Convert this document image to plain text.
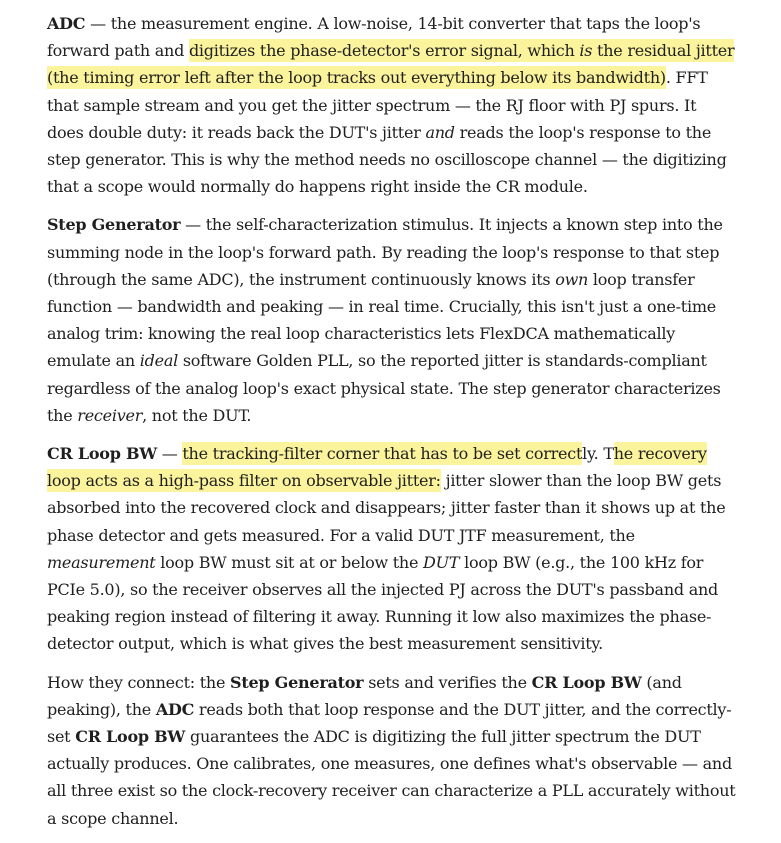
ADC — the measurement engine. A low-noise, 14-bit converter that taps the loop's forward path and digitizes the phase-detector's error signal, which is the residual jitter (the timing error left after the loop tracks out everything below its bandwidth). FFT that sample stream and you get the jitter spectrum — the RJ floor with PJ spurs. It does double duty: it reads back the DUT's jitter and reads the loop's response to the step generator. This is why the method needs no oscilloscope channel — the digitizing that a scope would normally do happens right inside the CR module.

Step Generator — the self-characterization stimulus. It injects a known step into the summing node in the loop's forward path. By reading the loop's response to that step (through the same ADC), the instrument continuously knows its own loop transfer function — bandwidth and peaking — in real time. Crucially, this isn't just a one-time analog trim: knowing the real loop characteristics lets FlexDCA mathematically emulate an ideal software Golden PLL, so the reported jitter is standards-compliant regardless of the analog loop's exact physical state. The step generator characterizes the receiver, not the DUT.

CR Loop BW — the tracking-filter corner that has to be set correctly. The recovery loop acts as a high-pass filter on observable jitter: jitter slower than the loop BW gets absorbed into the recovered clock and disappears; jitter faster than it shows up at the phase detector and gets measured. For a valid DUT JTF measurement, the measurement loop BW must sit at or below the DUT loop BW (e.g., the 100 kHz for PCIe 5.0), so the receiver observes all the injected PJ across the DUT's passband and peaking region instead of filtering it away. Running it low also maximizes the phase-detector output, which is what gives the best measurement sensitivity.

How they connect: the Step Generator sets and verifies the CR Loop BW (and peaking), the ADC reads both that loop response and the DUT jitter, and the correctly-set CR Loop BW guarantees the ADC is digitizing the full jitter spectrum the DUT actually produces. One calibrates, one measures, one defines what's observable — and all three exist so the clock-recovery receiver can characterize a PLL accurately without a scope channel.
